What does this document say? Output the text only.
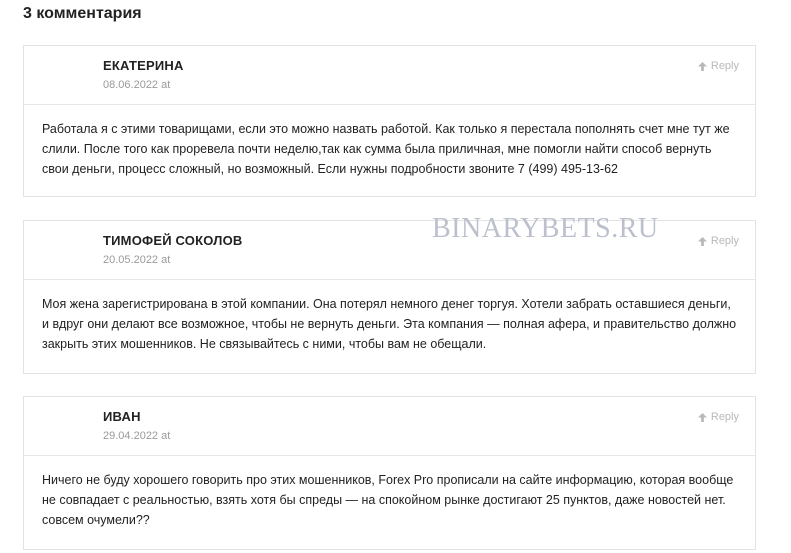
3 комментария
ЕКАТЕРИНА
08.06.2022 at
Reply
Работала я с этими товарищами, если это можно назвать работой. Как только я перестала пополнять счет мне тут же слили. После того как проревела почти неделю,так как сумма была приличная, мне помогли найти способ вернуть свои деньги, процесс сложный, но возможный. Если нужны подробности звоните 7 (499) 495-13-62
ТИМОФЕЙ СОКОЛОВ
20.05.2022 at
Reply
Моя жена зарегистрирована в этой компании. Она потерял немного денег торгуя. Хотели забрать оставшиеся деньги, и вдруг они делают все возможное, чтобы не вернуть деньги. Эта компания — полная афера, и правительство должно закрыть этих мошенников. Не связывайтесь с ними, чтобы вам не обещали.
ИВАН
29.04.2022 at
Reply
Ничего не буду хорошего говорить про этих мошенников, Forex Pro прописали на сайте информацию, которая вообще не совпадает с реальностью, взять хотя бы спреды — на спокойном рынке достигают 25 пунктов, даже новостей нет. совсем очумели??
BINARYBETS.RU
